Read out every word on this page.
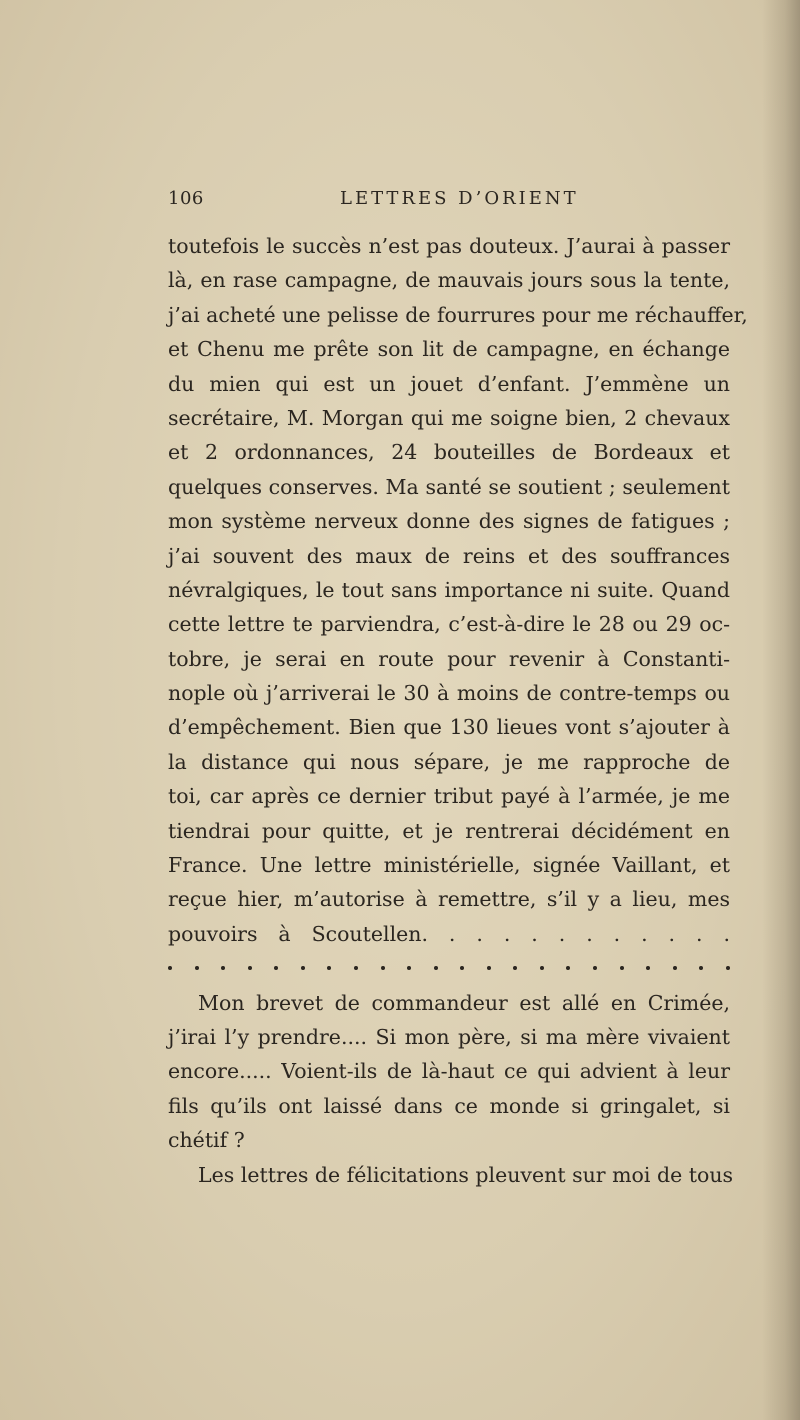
106	LETTRES D’ORIENT
toutefois le succès n’est pas douteux. J’aurai à passer
là, en rase campagne, de mauvais jours sous la tente,
j’ai acheté une pelisse de fourrures pour me réchauffer,
et Chenu me prête son lit de campagne, en échange
du mien qui est un jouet d’enfant. J’emmène un
secrétaire, M. Morgan qui me soigne bien, 2 chevaux
et 2 ordonnances, 24 bouteilles de Bordeaux et
quelques conserves. Ma santé se soutient ; seulement
mon système nerveux donne des signes de fatigues ;
j’ai souvent des maux de reins et des souffrances
névralgiques, le tout sans importance ni suite. Quand
cette lettre te parviendra, c’est-à-dire le 28 ou 29 oc-
tobre, je serai en route pour revenir à Constanti-
nople où j’arriverai le 30 à moins de contre-temps ou
d’empêchement. Bien que 130 lieues vont s’ajouter à
la distance qui nous sépare, je me rapproche de
toi, car après ce dernier tribut payé à l’armée, je me
tiendrai pour quitte, et je rentrerai décidément en
France. Une lettre ministérielle, signée Vaillant, et
reçue hier, m’autorise à remettre, s’il y a lieu, mes
pouvoirs à Scoutellen. . . . . . . . . . . .
Mon brevet de commandeur est allé en Crimée,
j’irai l’y prendre.... Si mon père, si ma mère vivaient
encore..... Voient-ils de là-haut ce qui advient à leur
fils qu’ils ont laissé dans ce monde si gringalet, si
chétif ?
Les lettres de félicitations pleuvent sur moi de tous
